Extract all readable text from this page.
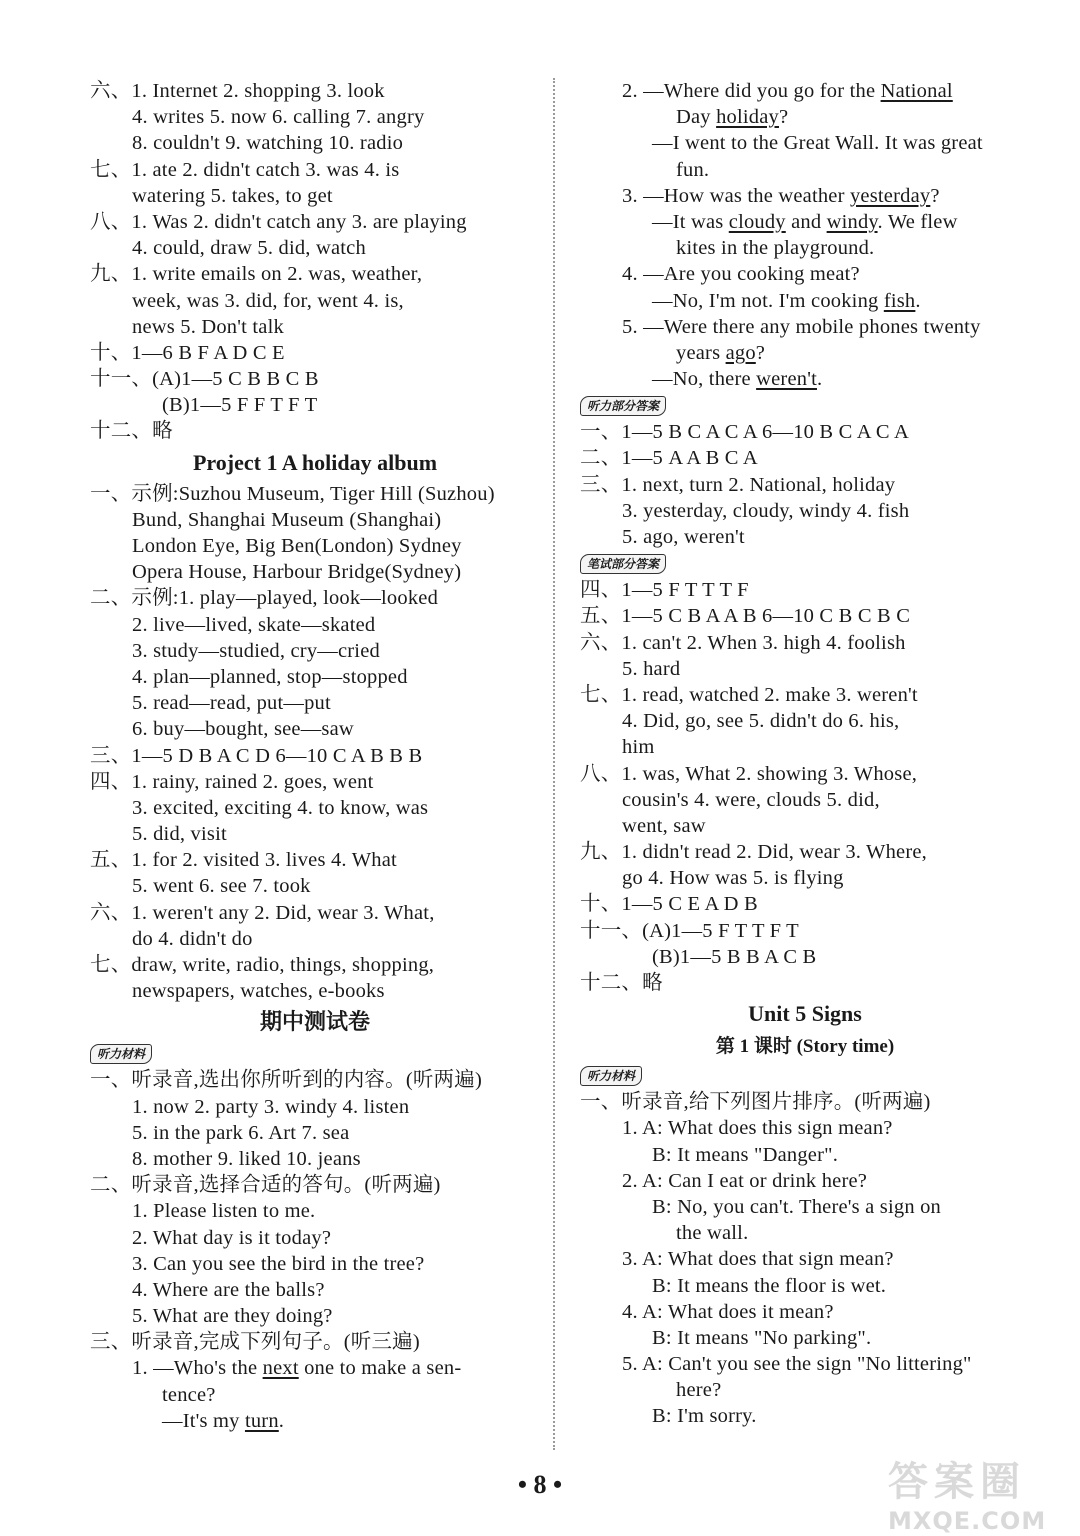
六、1. Internet 2. shopping 3. look
4. writes 5. now 6. calling 7. angry
8. couldn't 9. watching 10. radio
七、1. ate 2. didn't catch 3. was 4. is
watering 5. takes, to get
八、1. Was 2. didn't catch any 3. are playing
4. could, draw 5. did, watch
九、1. write emails on 2. was, weather,
week, was 3. did, for, went 4. is,
news 5. Don't talk
十、1—6 B F A D C E
十一、(A)1—5 C B B C B
(B)1—5 F F T F T
十二、略
Project 1 A holiday album
一、示例:Suzhou Museum, Tiger Hill (Suzhou)
Bund, Shanghai Museum (Shanghai)
London Eye, Big Ben(London) Sydney
Opera House, Harbour Bridge(Sydney)
二、示例:1. play—played, look—looked
2. live—lived, skate—skated
3. study—studied, cry—cried
4. plan—planned, stop—stopped
5. read—read, put—put
6. buy—bought, see—saw
三、1—5 D B A C D 6—10 C A B B B
四、1. rainy, rained 2. goes, went
3. excited, exciting 4. to know, was
5. did, visit
五、1. for 2. visited 3. lives 4. What
5. went 6. see 7. took
六、1. weren't any 2. Did, wear 3. What,
do 4. didn't do
七、draw, write, radio, things, shopping,
newspapers, watches, e-books
期中测试卷
听力材料
一、听录音,选出你所听到的内容。(听两遍)
1. now 2. party 3. windy 4. listen
5. in the park 6. Art 7. sea
8. mother 9. liked 10. jeans
二、听录音,选择合适的答句。(听两遍)
1. Please listen to me.
2. What day is it today?
3. Can you see the bird in the tree?
4. Where are the balls?
5. What are they doing?
三、听录音,完成下列句子。(听三遍)
1. —Who's the next one to make a sen-
tence?
—It's my turn.
2. —Where did you go for the National
Day holiday?
—I went to the Great Wall. It was great
fun.
3. —How was the weather yesterday?
—It was cloudy and windy. We flew
kites in the playground.
4. —Are you cooking meat?
—No, I'm not. I'm cooking fish.
5. —Were there any mobile phones twenty
years ago?
—No, there weren't.
听力部分答案
一、1—5 B C A C A 6—10 B C A C A
二、1—5 A A B C A
三、1. next, turn 2. National, holiday
3. yesterday, cloudy, windy 4. fish
5. ago, weren't
笔试部分答案
四、1—5 F T T T F
五、1—5 C B A A B 6—10 C B C B C
六、1. can't 2. When 3. high 4. foolish
5. hard
七、1. read, watched 2. make 3. weren't
4. Did, go, see 5. didn't do 6. his,
him
八、1. was, What 2. showing 3. Whose,
cousin's 4. were, clouds 5. did,
went, saw
九、1. didn't read 2. Did, wear 3. Where,
go 4. How was 5. is flying
十、1—5 C E A D B
十一、(A)1—5 F T T F T
(B)1—5 B B A C B
十二、略
Unit 5 Signs
第 1 课时 (Story time)
听力材料
一、听录音,给下列图片排序。(听两遍)
1. A: What does this sign mean?
B: It means "Danger".
2. A: Can I eat or drink here?
B: No, you can't. There's a sign on
the wall.
3. A: What does that sign mean?
B: It means the floor is wet.
4. A: What does it mean?
B: It means "No parking".
5. A: Can't you see the sign "No littering"
here?
B: I'm sorry.
• 8 •	答案圈
MXQE.COM
